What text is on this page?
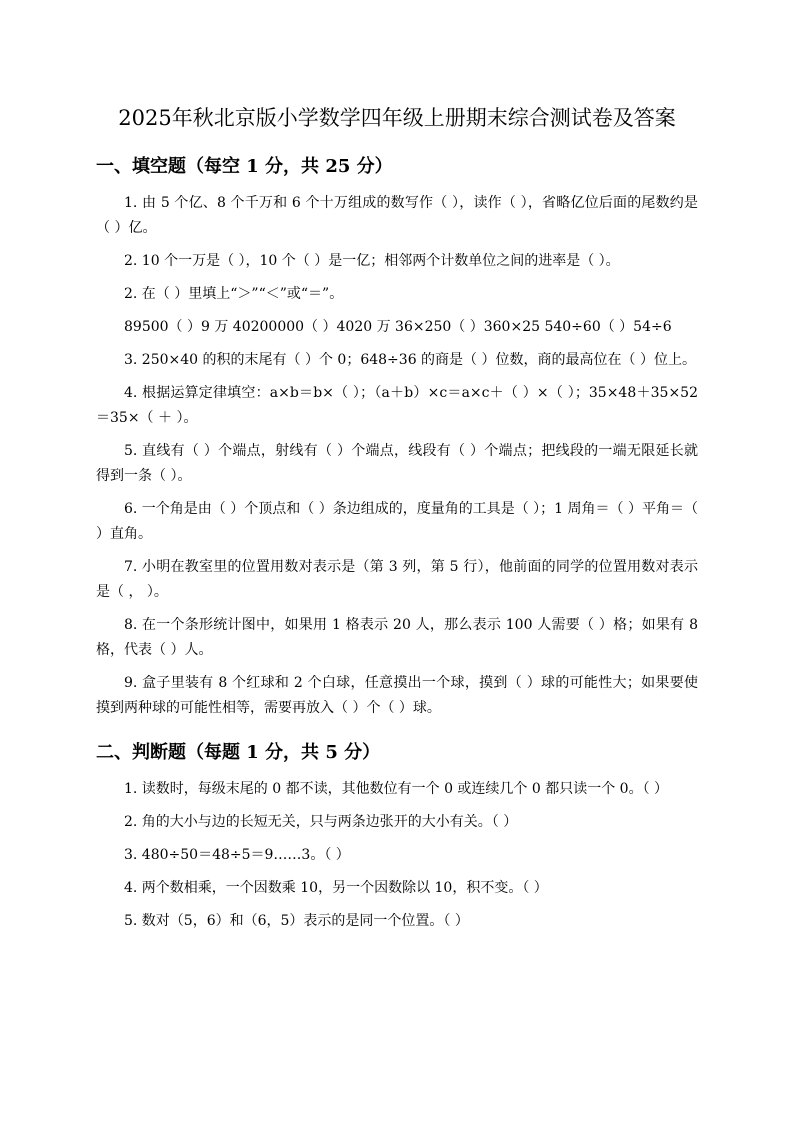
2025年秋北京版小学数学四年级上册期末综合测试卷及答案
一、填空题（每空 1 分，共 25 分）

1. 由 5 个亿、8 个千万和 6 个十万组成的数写作（ ），读作（ ），省略亿位后面的尾数约是（ ）亿。

2. 10 个一万是（ ），10 个（ ）是一亿；相邻两个计数单位之间的进率是（ ）。

2. 在（ ）里填上“＞”“＜”或“＝”。

89500（ ）9 万 40200000（ ）4020 万 36×250（ ）360×25 540÷60（ ）54÷6

3. 250×40 的积的末尾有（ ）个 0；648÷36 的商是（ ）位数，商的最高位在（ ）位上。

4. 根据运算定律填空：a×b＝b×（ ）；（a＋b）×c＝a×c＋（ ）×（ ）；35×48＋35×52＝35×（ ＋ ）。

5. 直线有（ ）个端点，射线有（ ）个端点，线段有（ ）个端点；把线段的一端无限延长就得到一条（ ）。

6. 一个角是由（ ）个顶点和（ ）条边组成的，度量角的工具是（ ）；1 周角＝（ ）平角＝（ ）直角。

7. 小明在教室里的位置用数对表示是（第 3 列，第 5 行），他前面的同学的位置用数对表示是（ ， ）。

8. 在一个条形统计图中，如果用 1 格表示 20 人，那么表示 100 人需要（ ）格；如果有 8 格，代表（ ）人。

9. 盒子里装有 8 个红球和 2 个白球，任意摸出一个球，摸到（ ）球的可能性大；如果要使摸到两种球的可能性相等，需要再放入（ ）个（ ）球。

二、判断题（每题 1 分，共 5 分）

1. 读数时，每级末尾的 0 都不读，其他数位有一个 0 或连续几个 0 都只读一个 0。（ ）

2. 角的大小与边的长短无关，只与两条边张开的大小有关。（ ）

3. 480÷50＝48÷5＝9……3。（ ）

4. 两个数相乘，一个因数乘 10，另一个因数除以 10，积不变。（ ）

5. 数对（5，6）和（6，5）表示的是同一个位置。（ ）
